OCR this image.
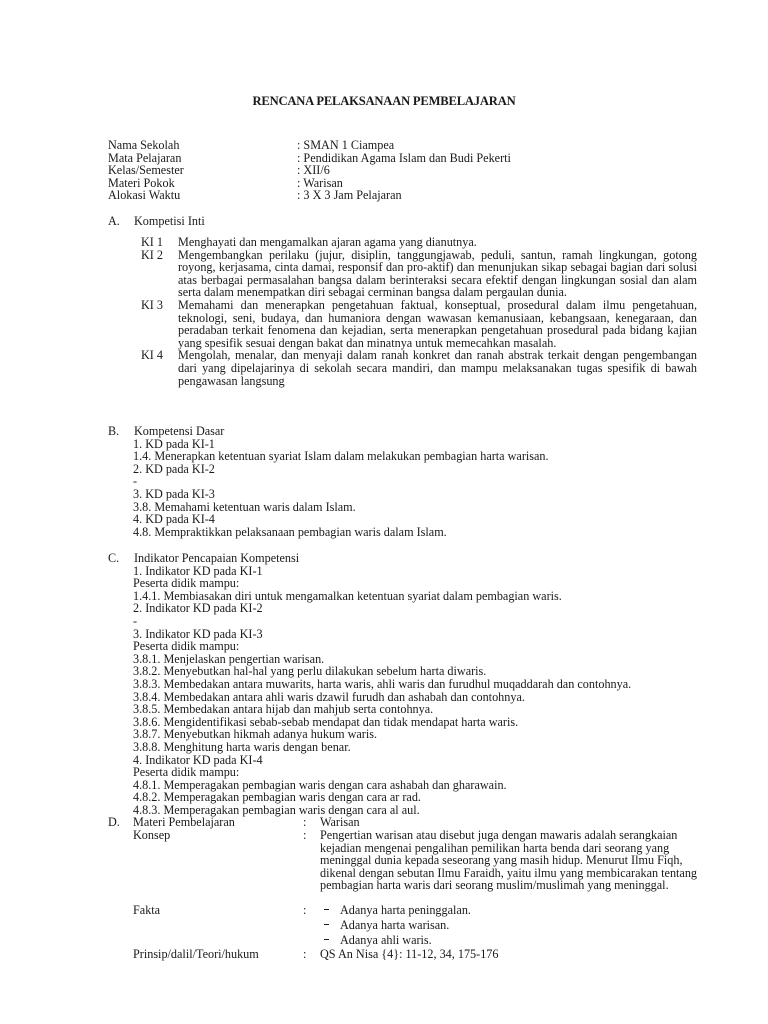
RENCANA PELAKSANAAN PEMBELAJARAN
Nama Sekolah	: SMAN 1 Ciampea
Mata Pelajaran	: Pendidikan Agama Islam dan Budi Pekerti
Kelas/Semester	: XII/6
Materi Pokok	: Warisan
Alokasi Waktu	: 3 X 3 Jam Pelajaran
A.	Kompetisi Inti
KI 1	Menghayati dan mengamalkan ajaran agama yang dianutnya.
KI 2	Mengembangkan perilaku (jujur, disiplin, tanggungjawab, peduli, santun, ramah lingkungan, gotong royong, kerjasama, cinta damai, responsif dan pro-aktif) dan menunjukan sikap sebagai bagian dari solusi atas berbagai permasalahan bangsa dalam berinteraksi secara efektif dengan lingkungan sosial dan alam serta dalam menempatkan diri sebagai cerminan bangsa dalam pergaulan dunia.
KI 3	Memahami dan menerapkan pengetahuan faktual, konseptual, prosedural dalam ilmu pengetahuan, teknologi, seni, budaya, dan humaniora dengan wawasan kemanusiaan, kebangsaan, kenegaraan, dan peradaban terkait fenomena dan kejadian, serta menerapkan pengetahuan prosedural pada bidang kajian yang spesifik sesuai dengan bakat dan minatnya untuk memecahkan masalah.
KI 4	Mengolah, menalar, dan menyaji dalam ranah konkret dan ranah abstrak terkait dengan pengembangan dari yang dipelajarinya di sekolah secara mandiri, dan mampu melaksanakan tugas spesifik di bawah pengawasan langsung
B.	Kompetensi Dasar
1. KD pada KI-1
1.4. Menerapkan ketentuan syariat Islam dalam melakukan pembagian harta warisan.
2. KD pada KI-2
-
3. KD pada KI-3
3.8. Memahami ketentuan waris dalam Islam.
4. KD pada KI-4
4.8. Mempraktikkan pelaksanaan pembagian waris dalam Islam.
C.	Indikator Pencapaian Kompetensi
1. Indikator KD pada KI-1
Peserta didik mampu:
1.4.1. Membiasakan diri untuk mengamalkan ketentuan syariat dalam pembagian waris.
2. Indikator KD pada KI-2
-
3. Indikator KD pada KI-3
Peserta didik mampu:
3.8.1. Menjelaskan pengertian warisan.
3.8.2. Menyebutkan hal-hal yang perlu dilakukan sebelum harta diwaris.
3.8.3. Membedakan antara muwarits, harta waris, ahli waris dan furudhul muqaddarah dan contohnya.
3.8.4. Membedakan antara ahli waris dzawil furudh dan ashabah dan contohnya.
3.8.5. Membedakan antara hijab dan mahjub serta contohnya.
3.8.6. Mengidentifikasi sebab-sebab mendapat dan tidak mendapat harta waris.
3.8.7. Menyebutkan hikmah adanya hukum waris.
3.8.8. Menghitung harta waris dengan benar.
4. Indikator KD pada KI-4
Peserta didik mampu:
4.8.1. Memperagakan pembagian waris dengan cara ashabah dan gharawain.
4.8.2. Memperagakan pembagian waris dengan cara ar rad.
4.8.3. Memperagakan pembagian waris dengan cara al aul.
D.	Materi Pembelajaran	:	Warisan
Konsep	:	Pengertian warisan atau disebut juga dengan mawaris adalah serangkaian kejadian mengenai pengalihan pemilikan harta benda dari seorang yang meninggal dunia kepada seseorang yang masih hidup. Menurut Ilmu Fiqh, dikenal dengan sebutan Ilmu Faraidh, yaitu ilmu yang membicarakan tentang pembagian harta waris dari seorang muslim/muslimah yang meninggal.
Fakta	:	⎯ Adanya harta peninggalan.
⎯ Adanya harta warisan.
⎯ Adanya ahli waris.
Prinsip/dalil/Teori/hukum	:	QS An Nisa {4}: 11-12, 34, 175-176
